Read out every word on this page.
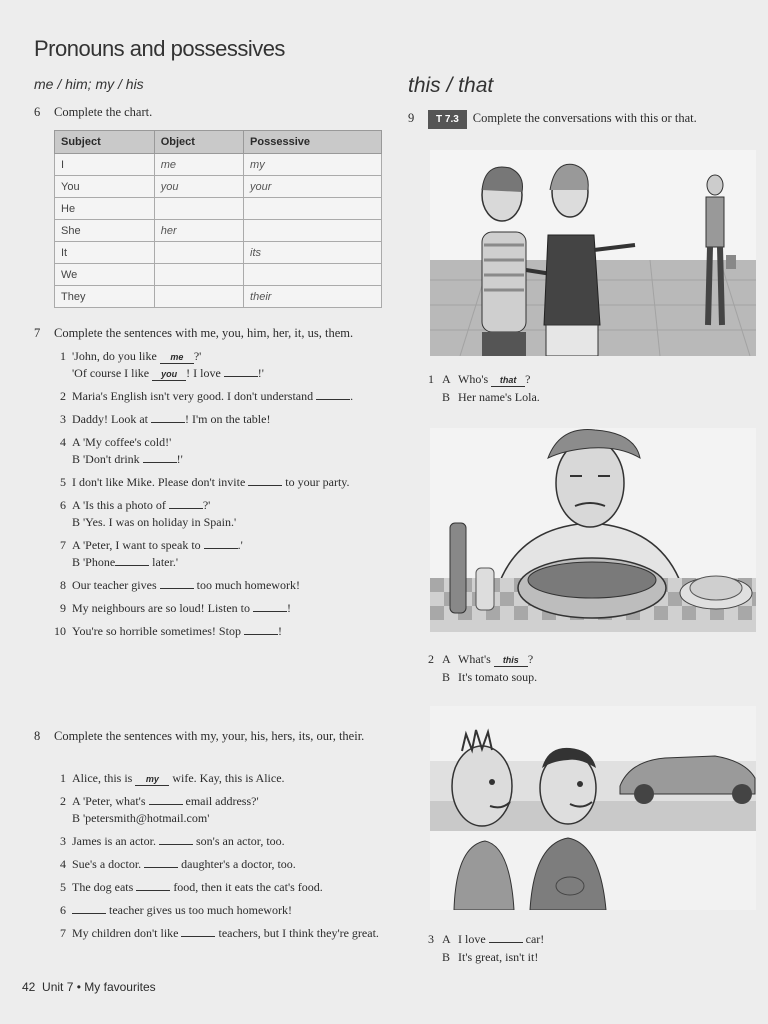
Pronouns and possessives
me / him; my / his	this / that
6 Complete the chart.
Subject	Object	Possessive
I	me	my
You	you	your
He		
She	her	
It		its
We		
They		their
7 Complete the sentences with me, you, him, her, it, us, them.
1 'John, do you like me ?'
'Of course I like you ! I love	!'
2 Maria's English isn't very good. I don't understand	.
3 Daddy! Look at	! I'm on the table!
4 A 'My coffee's cold!'
B 'Don't drink	!'
5 I don't like Mike. Please don't invite	to your party.
6 A 'Is this a photo of	?'
B 'Yes. I was on holiday in Spain.'
7 A 'Peter, I want to speak to	.'
B 'Phone	later.'
8 Our teacher gives	too much homework!
9 My neighbours are so loud! Listen to	!
10 You're so horrible sometimes! Stop	!
8 Complete the sentences with my, your, his, hers, its, our, their.
1 Alice, this is my wife. Kay, this is Alice.
2 A 'Peter, what's	email address?'
B 'petersmith@hotmail.com'
3 James is an actor.	son's an actor, too.
4 Sue's a doctor.	daughter's a doctor, too.
5 The dog eats	food, then it eats the cat's food.
6	teacher gives us too much homework!
7 My children don't like	teachers, but I think they're great.
9 T 7.3 Complete the conversations with this or that.
1 A Who's that ?
B Her name's Lola.
2 A What's this ?
B It's tomato soup.
3 A I love	car!
B It's great, isn't it!
42 Unit 7 • My favourites
